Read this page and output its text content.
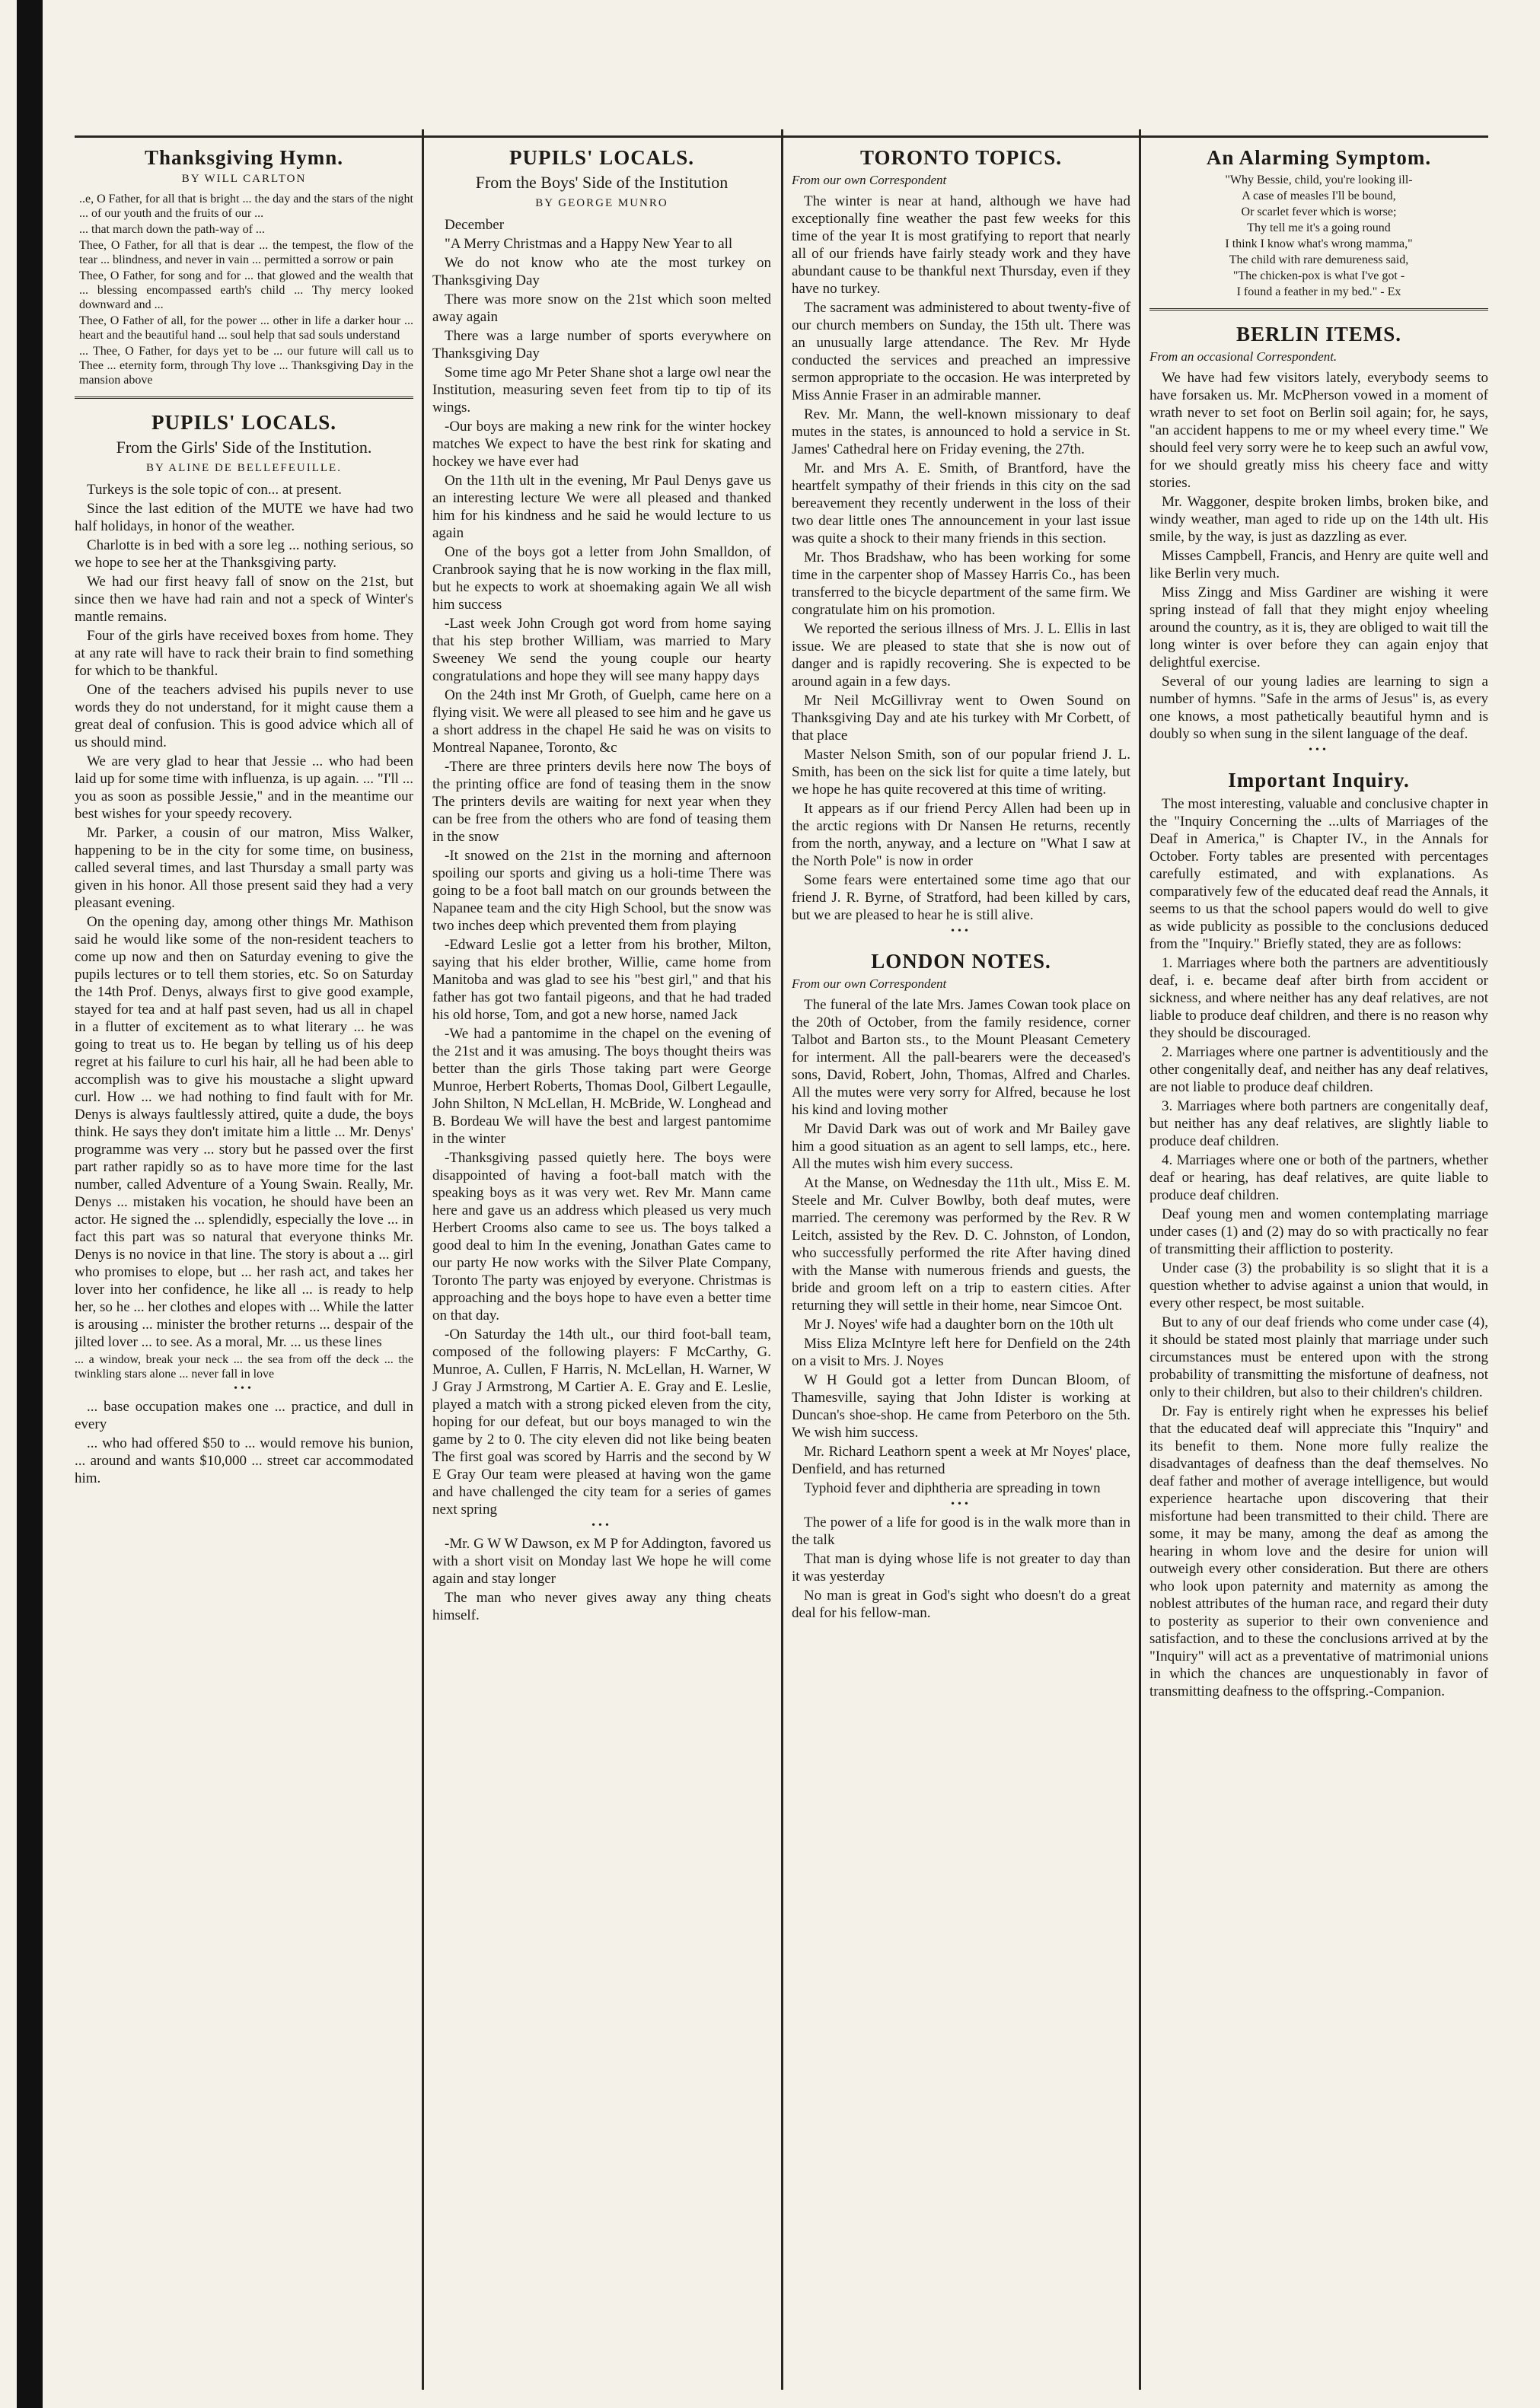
Thanksgiving Hymn.
BY WILL CARLTON

..e, O Father, for all that is bright ... the day and the stars of the night ... of our youth and the fruits of our ...

... that march down the path-way of ...

Thee, O Father, for all that is dear ... the tempest, the flow of the tear ... blindness, and never in vain ... permitted a sorrow or pain

Thee, O Father, for song and for ... that glowed and the wealth that ... blessing encompassed earth's child ... Thy mercy looked downward and ...

Thee, O Father of all, for the power ... other in life a darker hour ... heart and the beautiful hand ... soul help that sad souls understand

... Thee, O Father, for days yet to be ... our future will call us to Thee ... eternity form, through Thy love ... Thanksgiving Day in the mansion above

PUPILS' LOCALS.
From the Girls' Side of the Institution.
BY ALINE DE BELLEFEUILLE.

Turkeys is the sole topic of con... at present.

Since the last edition of the MUTE we have had two half holidays, in honor of the weather.

Charlotte is in bed with a sore leg ... nothing serious, so we hope to see her at the Thanksgiving party.

We had our first heavy fall of snow on the 21st, but since then we have had rain and not a speck of Winter's mantle remains.

Four of the girls have received boxes from home. They at any rate will have to rack their brain to find something for which to be thankful.

One of the teachers advised his pupils never to use words they do not understand, for it might cause them a great deal of confusion. This is good advice which all of us should mind.

We are very glad to hear that Jessie ... who had been laid up for some time with influenza, is up again. ... "I'll ... you as soon as possible Jessie," and in the meantime our best wishes for your speedy recovery.

Mr. Parker, a cousin of our matron, Miss Walker, happening to be in the city for some time, on business, called several times, and last Thursday a small party was given in his honor. All those present said they had a very pleasant evening.

On the opening day, among other things Mr. Mathison said he would like some of the non-resident teachers to come up now and then on Saturday evening to give the pupils lectures or to tell them stories, etc. So on Saturday the 14th Prof. Denys, always first to give good example, stayed for tea and at half past seven, had us all in chapel in a flutter of excitement as to what literary ... he was going to treat us to. He began by telling us of his deep regret at his failure to curl his hair, all he had been able to accomplish was to give his moustache a slight upward curl. How ... we had nothing to find fault with for Mr. Denys is always faultlessly attired, quite a dude, the boys think. He says they don't imitate him a little ... Mr. Denys' programme was very ... story but he passed over the first part rather rapidly so as to have more time for the last number, called Adventure of a Young Swain. Really, Mr. Denys ... mistaken his vocation, he should have been an actor. He signed the ... splendidly, especially the love ... in fact this part was so natural that everyone thinks Mr. Denys is no novice in that line. The story is about a ... girl who promises to elope, but ... her rash act, and takes her lover into her confidence, he like all ... is ready to help her, so he ... her clothes and elopes with ... While the latter is arousing ... minister the brother returns ... despair of the jilted lover ... to see. As a moral, Mr. ... us these lines

... a window, break your neck ... the sea from off the deck ... the twinkling stars alone ... never fall in love

•••

... base occupation makes one ... practice, and dull in every

... who had offered $50 to ... would remove his bunion, ... around and wants $10,000 ... street car accommodated him.

PUPILS' LOCALS.
From the Boys' Side of the Institution
BY GEORGE MUNRO

December

"A Merry Christmas and a Happy New Year to all

We do not know who ate the most turkey on Thanksgiving Day

There was more snow on the 21st which soon melted away again

There was a large number of sports everywhere on Thanksgiving Day

Some time ago Mr Peter Shane shot a large owl near the Institution, measuring seven feet from tip to tip of its wings.

-Our boys are making a new rink for the winter hockey matches We expect to have the best rink for skating and hockey we have ever had

On the 11th ult in the evening, Mr Paul Denys gave us an interesting lecture We were all pleased and thanked him for his kindness and he said he would lecture to us again

One of the boys got a letter from John Smalldon, of Cranbrook saying that he is now working in the flax mill, but he expects to work at shoemaking again We all wish him success

-Last week John Crough got word from home saying that his step brother William, was married to Mary Sweeney We send the young couple our hearty congratulations and hope they will see many happy days

On the 24th inst Mr Groth, of Guelph, came here on a flying visit. We were all pleased to see him and he gave us a short address in the chapel He said he was on visits to Montreal Napanee, Toronto, &c

-There are three printers devils here now The boys of the printing office are fond of teasing them in the snow The printers devils are waiting for next year when they can be free from the others who are fond of teasing them in the snow

-It snowed on the 21st in the morning and afternoon spoiling our sports and giving us a holi-time There was going to be a foot ball match on our grounds between the Napanee team and the city High School, but the snow was two inches deep which prevented them from playing

-Edward Leslie got a letter from his brother, Milton, saying that his elder brother, Willie, came home from Manitoba and was glad to see his "best girl," and that his father has got two fantail pigeons, and that he had traded his old horse, Tom, and got a new horse, named Jack

-We had a pantomime in the chapel on the evening of the 21st and it was amusing. The boys thought theirs was better than the girls Those taking part were George Munroe, Herbert Roberts, Thomas Dool, Gilbert Legaulle, John Shilton, N McLellan, H. McBride, W. Longhead and B. Bordeau We will have the best and largest pantomime in the winter

-Thanksgiving passed quietly here. The boys were disappointed of having a foot-ball match with the speaking boys as it was very wet. Rev Mr. Mann came here and gave us an address which pleased us very much Herbert Crooms also came to see us. The boys talked a good deal to him In the evening, Jonathan Gates came to our party He now works with the Silver Plate Company, Toronto The party was enjoyed by everyone. Christmas is approaching and the boys hope to have even a better time on that day.

-On Saturday the 14th ult., our third foot-ball team, composed of the following players: F McCarthy, G. Munroe, A. Cullen, F Harris, N. McLellan, H. Warner, W J Gray J Armstrong, M Cartier A. E. Gray and E. Leslie, played a match with a strong picked eleven from the city, hoping for our defeat, but our boys managed to win the game by 2 to 0. The city eleven did not like being beaten The first goal was scored by Harris and the second by W E Gray Our team were pleased at having won the game and have challenged the city team for a series of games next spring

•••

-Mr. G W W Dawson, ex M P for Addington, favored us with a short visit on Monday last We hope he will come again and stay longer

The man who never gives away any thing cheats himself.

TORONTO TOPICS.
From our own Correspondent

The winter is near at hand, although we have had exceptionally fine weather the past few weeks for this time of the year It is most gratifying to report that nearly all of our friends have fairly steady work and they have abundant cause to be thankful next Thursday, even if they have no turkey.

The sacrament was administered to about twenty-five of our church members on Sunday, the 15th ult. There was an unusually large attendance. The Rev. Mr Hyde conducted the services and preached an impressive sermon appropriate to the occasion. He was interpreted by Miss Annie Fraser in an admirable manner.

Rev. Mr. Mann, the well-known missionary to deaf mutes in the states, is announced to hold a service in St. James' Cathedral here on Friday evening, the 27th.

Mr. and Mrs A. E. Smith, of Brantford, have the heartfelt sympathy of their friends in this city on the sad bereavement they recently underwent in the loss of their two dear little ones The announcement in your last issue was quite a shock to their many friends in this section.

Mr. Thos Bradshaw, who has been working for some time in the carpenter shop of Massey Harris Co., has been transferred to the bicycle department of the same firm. We congratulate him on his promotion.

We reported the serious illness of Mrs. J. L. Ellis in last issue. We are pleased to state that she is now out of danger and is rapidly recovering. She is expected to be around again in a few days.

Mr Neil McGillivray went to Owen Sound on Thanksgiving Day and ate his turkey with Mr Corbett, of that place

Master Nelson Smith, son of our popular friend J. L. Smith, has been on the sick list for quite a time lately, but we hope he has quite recovered at this time of writing.

It appears as if our friend Percy Allen had been up in the arctic regions with Dr Nansen He returns, recently from the north, anyway, and a lecture on "What I saw at the North Pole" is now in order

Some fears were entertained some time ago that our friend J. R. Byrne, of Stratford, had been killed by cars, but we are pleased to hear he is still alive.

•••
LONDON NOTES.
From our own Correspondent

The funeral of the late Mrs. James Cowan took place on the 20th of October, from the family residence, corner Talbot and Barton sts., to the Mount Pleasant Cemetery for interment. All the pall-bearers were the deceased's sons, David, Robert, John, Thomas, Alfred and Charles. All the mutes were very sorry for Alfred, because he lost his kind and loving mother

Mr David Dark was out of work and Mr Bailey gave him a good situation as an agent to sell lamps, etc., here. All the mutes wish him every success.

At the Manse, on Wednesday the 11th ult., Miss E. M. Steele and Mr. Culver Bowlby, both deaf mutes, were married. The ceremony was performed by the Rev. R W Leitch, assisted by the Rev. D. C. Johnston, of London, who successfully performed the rite After having dined with the Manse with numerous friends and guests, the bride and groom left on a trip to eastern cities. After returning they will settle in their home, near Simcoe Ont.

Mr J. Noyes' wife had a daughter born on the 10th ult

Miss Eliza McIntyre left here for Denfield on the 24th on a visit to Mrs. J. Noyes

W H Gould got a letter from Duncan Bloom, of Thamesville, saying that John Idister is working at Duncan's shoe-shop. He came from Peterboro on the 5th. We wish him success.

Mr. Richard Leathorn spent a week at Mr Noyes' place, Denfield, and has returned

Typhoid fever and diphtheria are spreading in town

•••

The power of a life for good is in the walk more than in the talk

That man is dying whose life is not greater to day than it was yesterday

No man is great in God's sight who doesn't do a great deal for his fellow-man.

An Alarming Symptom.

"Why Bessie, child, you're looking ill-

A case of measles I'll be bound,

Or scarlet fever which is worse;

Thy tell me it's a going round

I think I know what's wrong mamma,"

The child with rare demureness said,

"The chicken-pox is what I've got -

I found a feather in my bed." - Ex

BERLIN ITEMS.
From an occasional Correspondent.

We have had few visitors lately, everybody seems to have forsaken us. Mr. McPherson vowed in a moment of wrath never to set foot on Berlin soil again; for, he says, "an accident happens to me or my wheel every time." We should feel very sorry were he to keep such an awful vow, for we should greatly miss his cheery face and witty stories.

Mr. Waggoner, despite broken limbs, broken bike, and windy weather, man aged to ride up on the 14th ult. His smile, by the way, is just as dazzling as ever.

Misses Campbell, Francis, and Henry are quite well and like Berlin very much.

Miss Zingg and Miss Gardiner are wishing it were spring instead of fall that they might enjoy wheeling around the country, as it is, they are obliged to wait till the long winter is over before they can again enjoy that delightful exercise.

Several of our young ladies are learning to sign a number of hymns. "Safe in the arms of Jesus" is, as every one knows, a most pathetically beautiful hymn and is doubly so when sung in the silent language of the deaf.

•••
Important Inquiry.

The most interesting, valuable and conclusive chapter in the "Inquiry Concerning the ...ults of Marriages of the Deaf in America," is Chapter IV., in the Annals for October. Forty tables are presented with percentages carefully estimated, and with explanations. As comparatively few of the educated deaf read the Annals, it seems to us that the school papers would do well to give as wide publicity as possible to the conclusions deduced from the "Inquiry." Briefly stated, they are as follows:

1. Marriages where both the partners are adventitiously deaf, i. e. became deaf after birth from accident or sickness, and where neither has any deaf relatives, are not liable to produce deaf children, and there is no reason why they should be discouraged.

2. Marriages where one partner is adventitiously and the other congenitally deaf, and neither has any deaf relatives, are not liable to produce deaf children.

3. Marriages where both partners are congenitally deaf, but neither has any deaf relatives, are slightly liable to produce deaf children.

4. Marriages where one or both of the partners, whether deaf or hearing, has deaf relatives, are quite liable to produce deaf children.

Deaf young men and women contemplating marriage under cases (1) and (2) may do so with practically no fear of transmitting their affliction to posterity.

Under case (3) the probability is so slight that it is a question whether to advise against a union that would, in every other respect, be most suitable.

But to any of our deaf friends who come under case (4), it should be stated most plainly that marriage under such circumstances must be entered upon with the strong probability of transmitting the misfortune of deafness, not only to their children, but also to their children's children.

Dr. Fay is entirely right when he expresses his belief that the educated deaf will appreciate this "Inquiry" and its benefit to them. None more fully realize the disadvantages of deafness than the deaf themselves. No deaf father and mother of average intelligence, but would experience heartache upon discovering that their misfortune had been transmitted to their child. There are some, it may be many, among the deaf as among the hearing in whom love and the desire for union will outweigh every other consideration. But there are others who look upon paternity and maternity as among the noblest attributes of the human race, and regard their duty to posterity as superior to their own convenience and satisfaction, and to these the conclusions arrived at by the "Inquiry" will act as a preventative of matrimonial unions in which the chances are unquestionably in favor of transmitting deafness to the offspring.-Companion.
